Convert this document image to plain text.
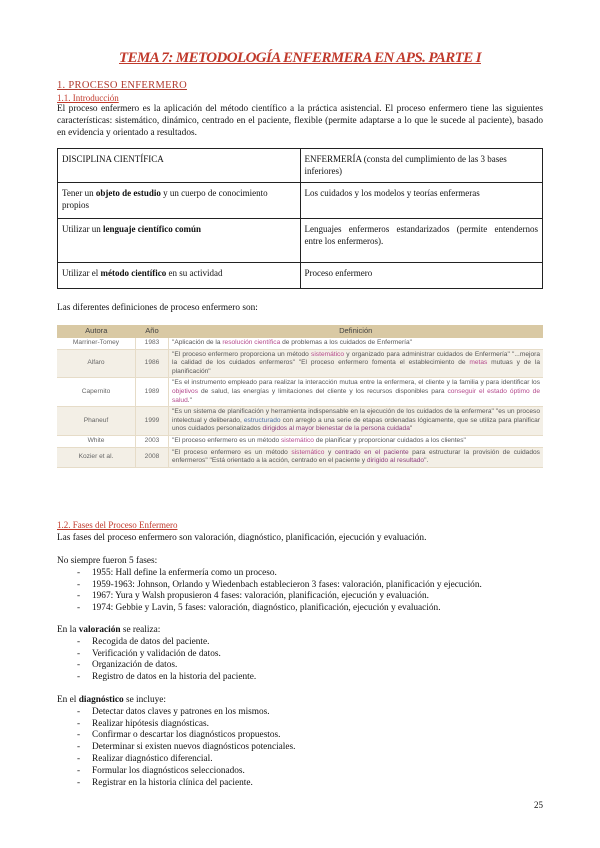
TEMA 7: METODOLOGÍA ENFERMERA EN APS. PARTE I
1. PROCESO ENFERMERO
1.1. Introducción
El proceso enfermero es la aplicación del método científico a la práctica asistencial. El proceso enfermero tiene las siguientes características: sistemático, dinámico, centrado en el paciente, flexible (permite adaptarse a lo que le sucede al paciente), basado en evidencia y orientado a resultados.
DISCIPLINA CIENTÍFICA	ENFERMERÍA (consta del cumplimiento de las 3 bases inferiores)
Tener un objeto de estudio y un cuerpo de conocimiento propios	Los cuidados y los modelos y teorías enfermeras
Utilizar un lenguaje científico común	Lenguajes enfermeros estandarizados (permite entendernos entre los enfermeros).
Utilizar el método científico en su actividad	Proceso enfermero
Las diferentes definiciones de proceso enfermero son:
Autora	Año	Definición
Marriner-Tomey	1983	"Aplicación de la resolución científica de problemas a los cuidados de Enfermería"
Alfaro	1986	"El proceso enfermero proporciona un método sistemático y organizado para administrar cuidados de Enfermería" "...mejora la calidad de los cuidados enfermeros" "El proceso enfermero fomenta el establecimiento de metas mutuas y de la planificación"
Capernito	1989	"Es el instrumento empleado para realizar la interacción mutua entre la enfermera, el cliente y la familia y para identificar los objetivos de salud, las energías y limitaciones del cliente y los recursos disponibles para conseguir el estado óptimo de salud."
Phaneuf	1999	"Es un sistema de planificación y herramienta indispensable en la ejecución de los cuidados de la enfermera" "es un proceso intelectual y deliberado, estructurado con arreglo a una serie de etapas ordenadas lógicamente, que se utiliza para planificar unos cuidados personalizados dirigidos al mayor bienestar de la persona cuidada"
White	2003	"El proceso enfermero es un método sistemático de planificar y proporcionar cuidados a los clientes"
Kozier et al.	2008	"El proceso enfermero es un método sistemático y centrado en el paciente para estructurar la provisión de cuidados enfermeros" "Está orientado a la acción, centrado en el paciente y dirigido al resultado".
1.2. Fases del Proceso Enfermero
Las fases del proceso enfermero son valoración, diagnóstico, planificación, ejecución y evaluación.
No siempre fueron 5 fases:
- 1955: Hall define la enfermería como un proceso.
- 1959-1963: Johnson, Orlando y Wiedenbach establecieron 3 fases: valoración, planificación y ejecución.
- 1967: Yura y Walsh propusieron 4 fases: valoración, planificación, ejecución y evaluación.
- 1974: Gebbie y Lavin, 5 fases: valoración, diagnóstico, planificación, ejecución y evaluación.
En la valoración se realiza:
- Recogida de datos del paciente.
- Verificación y validación de datos.
- Organización de datos.
- Registro de datos en la historia del paciente.
En el diagnóstico se incluye:
- Detectar datos claves y patrones en los mismos.
- Realizar hipótesis diagnósticas.
- Confirmar o descartar los diagnósticos propuestos.
- Determinar si existen nuevos diagnósticos potenciales.
- Realizar diagnóstico diferencial.
- Formular los diagnósticos seleccionados.
- Registrar en la historia clínica del paciente.
25
